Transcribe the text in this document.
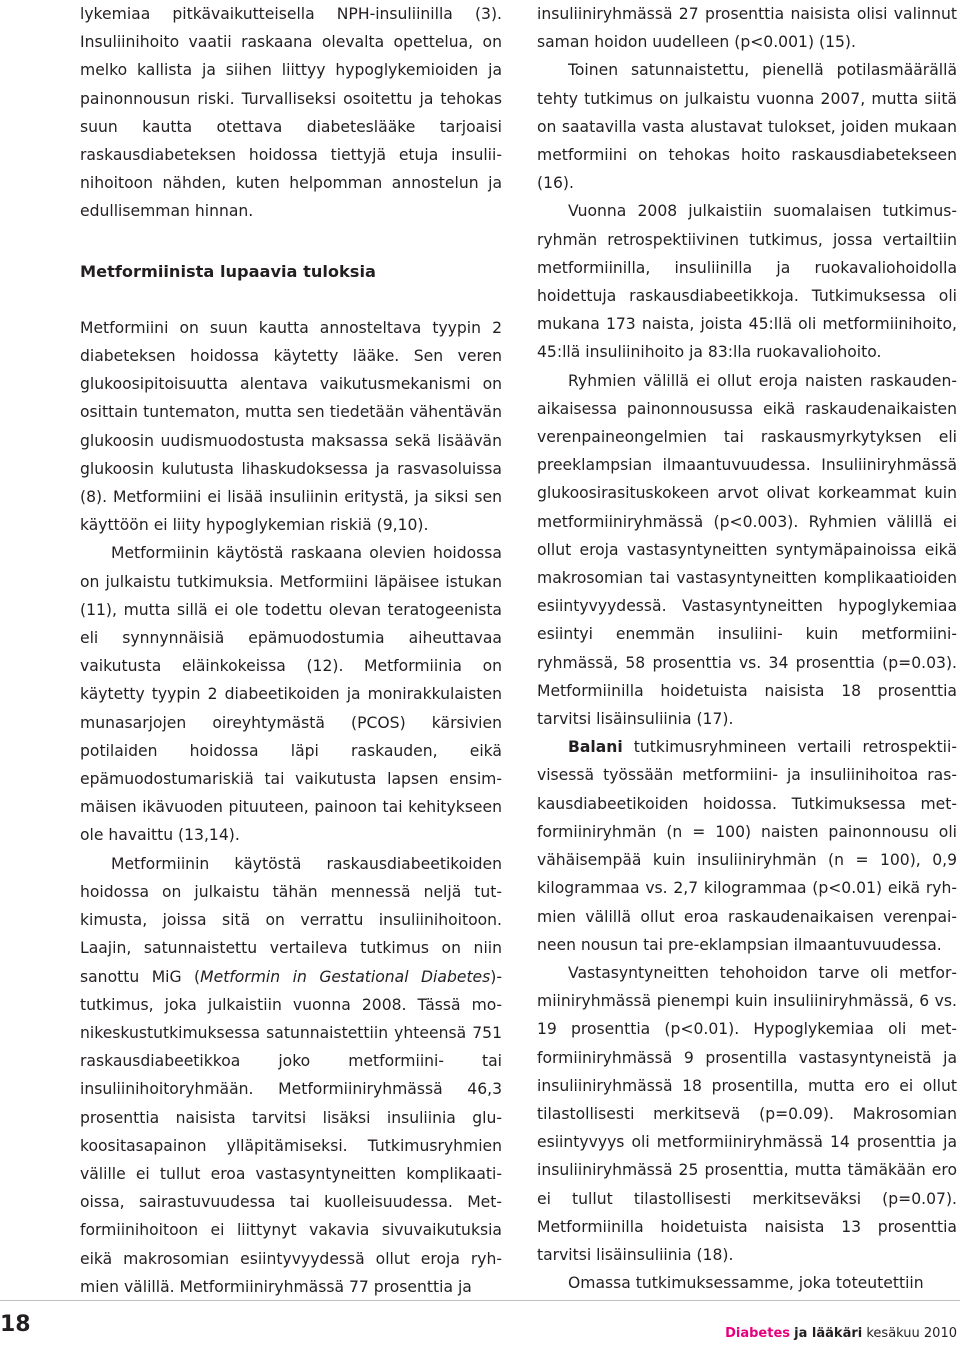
lykemiaa pitkävaikutteisella NPH-insuliinilla (3). Insuliinihoito vaatii raskaana olevalta opettelua, on melko kallista ja siihen liittyy hypoglykemioiden ja painonnousun riski. Turvalliseksi osoitettu ja tehokas suun kautta otettava diabeteslääke tarjoaisi raskausdiabeteksen hoidossa tiettyjä etuja insuliinihoitoon nähden, kuten helpomman annostelun ja edullisemman hinnan.

Metformiinista lupaavia tuloksia

Metformiini on suun kautta annosteltava tyypin 2 diabeteksen hoidossa käytetty lääke. Sen veren glukoosipitoisuutta alentava vaikutusmekanismi on osittain tuntematon, mutta sen tiedetään vähentävän glukoosin uudismuodostusta maksassa sekä lisäävän glukoosin kulutusta lihaskudoksessa ja rasvasoluissa (8). Metformiini ei lisää insuliinin eritystä, ja siksi sen käyttöön ei liity hypoglykemian riskiä (9,10).

Metformiinin käytöstä raskaana olevien hoidossa on julkaistu tutkimuksia. Metformiini läpäisee istukan (11), mutta sillä ei ole todettu olevan teratogeenista eli synnynnäisiä epämuodostumia aiheuttavaa vaikutusta eläinkokeissa (12). Metformiinia on käytetty tyypin 2 diabeetikoiden ja monirakkulaisten munasarjojen oireyhtymästä (PCOS) kärsivien potilaiden hoidossa läpi raskauden, eikä epämuodostumariskiä tai vaikutusta lapsen ensimmäisen ikävuoden pituuteen, painoon tai kehitykseen ole havaittu (13,14).

Metformiinin käytöstä raskausdiabeetikoiden hoidossa on julkaistu tähän mennessä neljä tutkimusta, joissa sitä on verrattu insuliinihoitoon. Laajin, satunnaistettu vertaileva tutkimus on niin sanottu MiG (Metformin in Gestational Diabetes)-tutkimus, joka julkaistiin vuonna 2008. Tässä monikeskustutkimuksessa satunnaistettiin yhteensä 751 raskausdiabeetikkoa joko metformiini- tai insuliinihoitoryhmään. Metformiiniryhmässä 46,3 prosenttia naisista tarvitsi lisäksi insuliinia glukoositasapainon ylläpitämiseksi. Tutkimusryhmien välille ei tullut eroa vastasyntyneitten komplikaatioissa, sairastuvuudessa tai kuolleisuudessa. Metformiinihoitoon ei liittynyt vakavia sivuvaikutuksia eikä makrosomian esiintyvyydessä ollut eroja ryhmien välillä. Metformiiniryhmässä 77 prosenttia ja

insuliiniryhmässä 27 prosenttia naisista olisi valinnut saman hoidon uudelleen (p<0.001) (15).

Toinen satunnaistettu, pienellä potilasmäärällä tehty tutkimus on julkaistu vuonna 2007, mutta siitä on saatavilla vasta alustavat tulokset, joiden mukaan metformiini on tehokas hoito raskausdiabetekseen (16).

Vuonna 2008 julkaistiin suomalaisen tutkimusryhmän retrospektiivinen tutkimus, jossa vertailtiin metformiinilla, insuliinilla ja ruokavaliohoidolla hoidettuja raskausdiabeetikkoja. Tutkimuksessa oli mukana 173 naista, joista 45:llä oli metformiinihoito, 45:llä insuliinihoito ja 83:lla ruokavaliohoito.

Ryhmien välillä ei ollut eroja naisten raskaudenaikaisessa painonnousussa eikä raskaudenaikaisten verenpaineongelmien tai raskausmyrkytyksen eli preeklampsian ilmaantuvuudessa. Insuliiniryhmässä glukoosirasituskokeen arvot olivat korkeammat kuin metformiiniryhmässä (p<0.003). Ryhmien välillä ei ollut eroja vastasyntyneitten syntymäpainoissa eikä makrosomian tai vastasyntyneitten komplikaatioiden esiintyvyydessä. Vastasyntyneitten hypoglykemiaa esiintyi enemmän insuliini- kuin metformiiniryhmässä, 58 prosenttia vs. 34 prosenttia (p=0.03). Metformiinilla hoidetuista naisista 18 prosenttia tarvitsi lisäinsuliinia (17).

Balani tutkimusryhmineen vertaili retrospektiivisessä työssään metformiini- ja insuliinihoitoa raskausdiabeetikoiden hoidossa. Tutkimuksessa metformiiniryhmän (n = 100) naisten painonnousu oli vähäisempää kuin insuliiniryhmän (n = 100), 0,9 kilogrammaa vs. 2,7 kilogrammaa (p<0.01) eikä ryhmien välillä ollut eroa raskaudenaikaisen verenpaineen nousun tai pre-eklampsian ilmaantuvuudessa.

Vastasyntyneitten tehohoidon tarve oli metformiiniryhmässä pienempi kuin insuliiniryhmässä, 6 vs. 19 prosenttia (p<0.01). Hypoglykemiaa oli metformiiniryhmässä 9 prosentilla vastasyntyneistä ja insuliiniryhmässä 18 prosentilla, mutta ero ei ollut tilastollisesti merkitsevä (p=0.09). Makrosomian esiintyvyys oli metformiiniryhmässä 14 prosenttia ja insuliiniryhmässä 25 prosenttia, mutta tämäkään ero ei tullut tilastollisesti merkitseväksi (p=0.07). Metformiinilla hoidetuista naisista 13 prosenttia tarvitsi lisäinsuliinia (18).

Omassa tutkimuksessamme, joka toteutettiin

18	Diabetes ja lääkäri kesäkuu 2010
